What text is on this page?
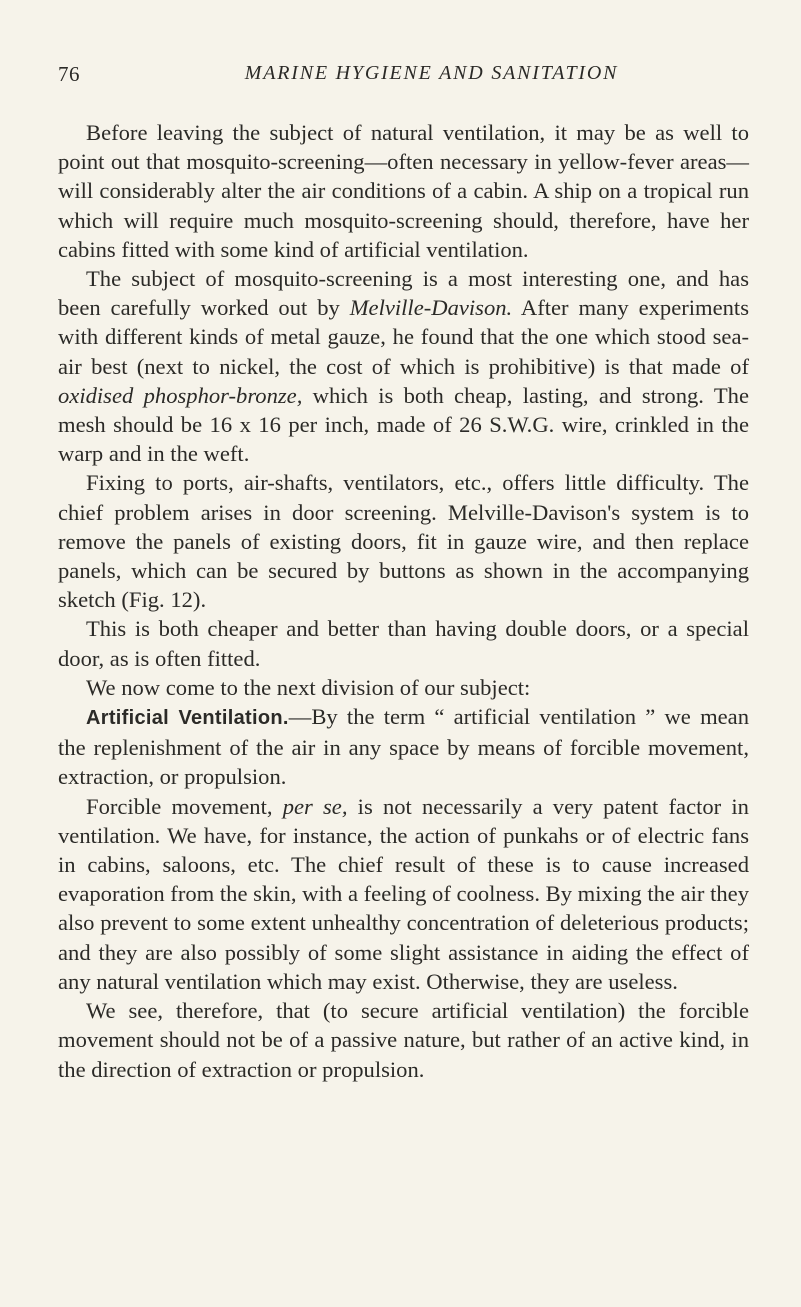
76	MARINE HYGIENE AND SANITATION

Before leaving the subject of natural ventilation, it may be as well to point out that mosquito-screening—often necessary in yellow-fever areas—will considerably alter the air conditions of a cabin. A ship on a tropical run which will require much mosquito-screening should, therefore, have her cabins fitted with some kind of artificial ventilation.

The subject of mosquito-screening is a most interesting one, and has been carefully worked out by Melville-Davison. After many experiments with different kinds of metal gauze, he found that the one which stood sea-air best (next to nickel, the cost of which is prohibitive) is that made of oxidised phosphor-bronze, which is both cheap, lasting, and strong. The mesh should be 16 x 16 per inch, made of 26 S.W.G. wire, crinkled in the warp and in the weft.

Fixing to ports, air-shafts, ventilators, etc., offers little difficulty. The chief problem arises in door screening. Melville-Davison's system is to remove the panels of existing doors, fit in gauze wire, and then replace panels, which can be secured by buttons as shown in the accompanying sketch (Fig. 12).

This is both cheaper and better than having double doors, or a special door, as is often fitted.

We now come to the next division of our subject:

Artificial Ventilation.—By the term “ artificial ventilation ” we mean the replenishment of the air in any space by means of forcible movement, extraction, or propulsion.

Forcible movement, per se, is not necessarily a very patent factor in ventilation. We have, for instance, the action of punkahs or of electric fans in cabins, saloons, etc. The chief result of these is to cause increased evaporation from the skin, with a feeling of coolness. By mixing the air they also prevent to some extent unhealthy concentration of deleterious products; and they are also possibly of some slight assistance in aiding the effect of any natural ventilation which may exist. Otherwise, they are useless.

We see, therefore, that (to secure artificial ventilation) the forcible movement should not be of a passive nature, but rather of an active kind, in the direction of extraction or propulsion.
